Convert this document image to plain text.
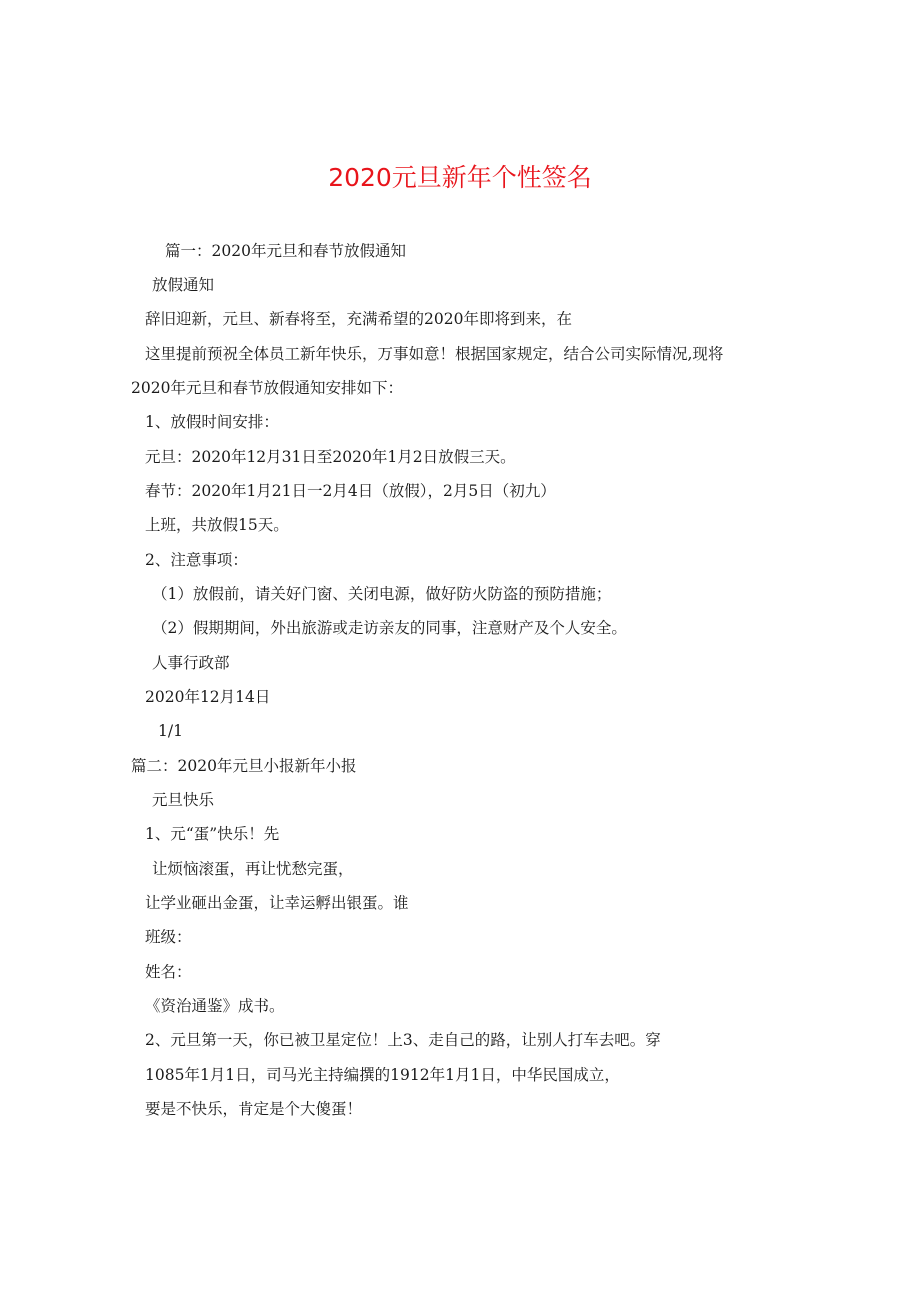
2020元旦新年个性签名
篇一：2020年元旦和春节放假通知
放假通知
辞旧迎新，元旦、新春将至，充满希望的2020年即将到来，在
这里提前预祝全体员工新年快乐，万事如意！根据国家规定，结合公司实际情况,现将
2020年元旦和春节放假通知安排如下：
1、放假时间安排：
元旦：2020年12月31日至2020年1月2日放假三天。
春节：2020年1月21日一2月4日（放假），2月5日（初九）
上班，共放假15天。
2、注意事项：
（1）放假前，请关好门窗、关闭电源，做好防火防盗的预防措施；
（2）假期期间，外出旅游或走访亲友的同事，注意财产及个人安全。
人事行政部
2020年12月14日
1/1
篇二：2020年元旦小报新年小报
元旦快乐
1、元“蛋”快乐！先
让烦恼滚蛋，再让忧愁完蛋，
让学业砸出金蛋，让幸运孵出银蛋。谁
班级：
姓名：
《资治通鉴》成书。
2、元旦第一天，你已被卫星定位！上3、走自己的路，让别人打车去吧。穿
1085年1月1日，司马光主持编撰的1912年1月1日，中华民国成立，
要是不快乐，肯定是个大傻蛋！
